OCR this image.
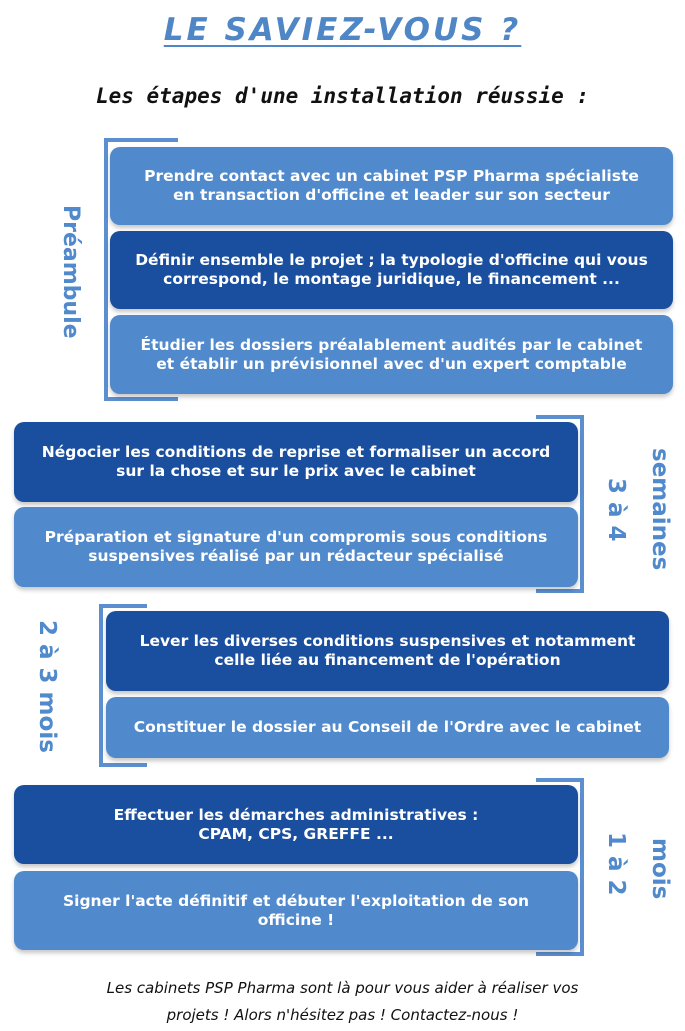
LE SAVIEZ-VOUS ?
Les étapes d'une installation réussie :
Préambule
Prendre contact avec un cabinet PSP Pharma spécialiste
en transaction d'officine et leader sur son secteur
Définir ensemble le projet ; la typologie d'officine qui vous
correspond, le montage juridique, le financement ...
Étudier les dossiers préalablement audités par le cabinet
et établir un prévisionnel avec d'un expert comptable
3 à 4 semaines
Négocier les conditions de reprise et formaliser un accord
sur la chose et sur le prix avec le cabinet
Préparation et signature d'un compromis sous conditions
suspensives réalisé par un rédacteur spécialisé
2 à 3 mois	Lever les diverses conditions suspensives et notamment
celle liée au financement de l'opération
Constituer le dossier au Conseil de l'Ordre avec le cabinet
1 à 2 mois
Effectuer les démarches administratives :
CPAM, CPS, GREFFE ...
Signer l'acte définitif et débuter l'exploitation de son
officine !
Les cabinets PSP Pharma sont là pour vous aider à réaliser vos
projets ! Alors n'hésitez pas ! Contactez-nous !
